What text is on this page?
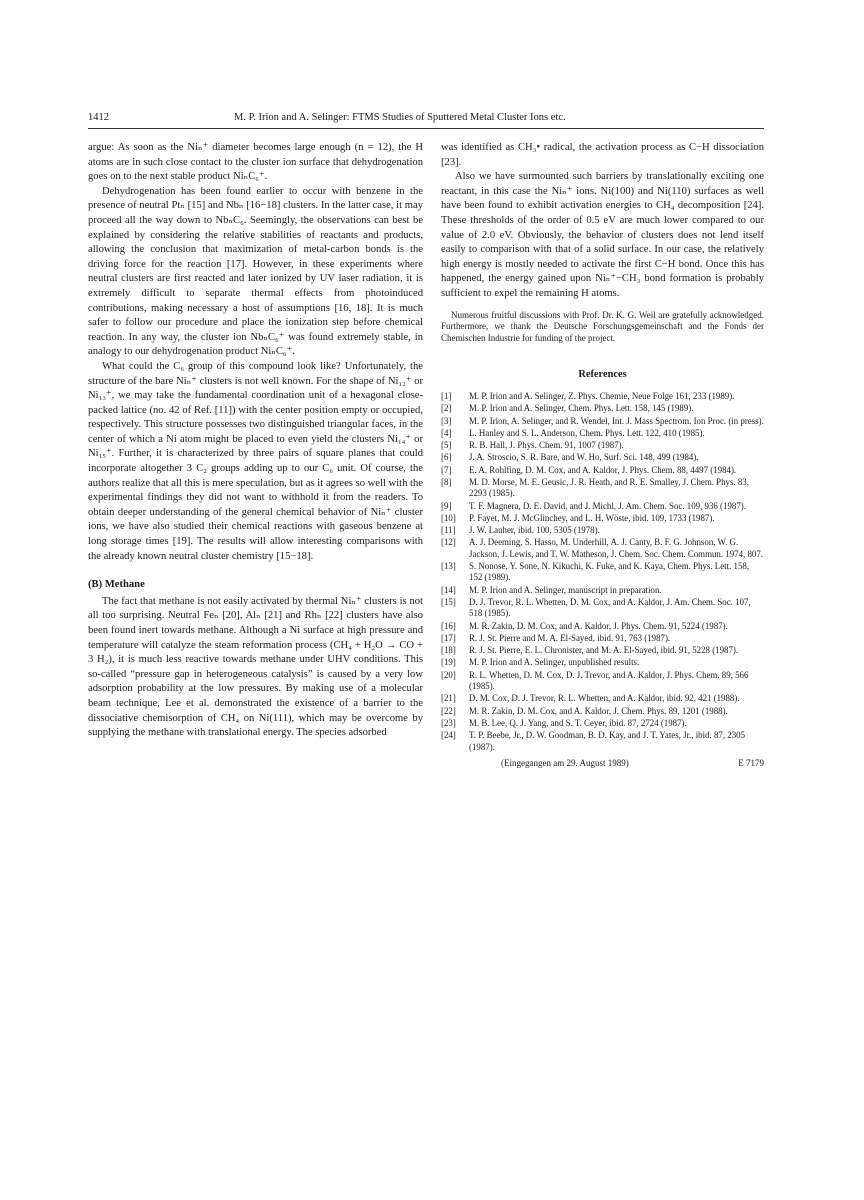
1412	M. P. Irion and A. Selinger: FTMS Studies of Sputtered Metal Cluster Ions etc.

argue: As soon as the Niₙ⁺ diameter becomes large enough (n = 12), the H atoms are in such close contact to the cluster ion surface that dehydrogenation goes on to the next stable product NiₙC₆⁺.

Dehydrogenation has been found earlier to occur with benzene in the presence of neutral Ptₙ [15] and Nbₙ [16−18] clusters. In the latter case, it may proceed all the way down to NbₙC₆. Seemingly, the observations can best be explained by considering the relative stabilities of reactants and products, allowing the conclusion that maximization of metal-carbon bonds is the driving force for the reaction [17]. However, in these experiments where neutral clusters are first reacted and later ionized by UV laser radiation, it is extremely difficult to separate thermal effects from photoinduced contributions, making necessary a host of assumptions [16, 18]. It is much safer to follow our procedure and place the ionization step before chemical reaction. In any way, the cluster ion NbₙC₆⁺ was found extremely stable, in analogy to our dehydrogenation product NiₙC₆⁺.

What could the C₆ group of this compound look like? Unfortunately, the structure of the bare Niₙ⁺ clusters is not well known. For the shape of Ni₁₂⁺ or Ni₁₃⁺, we may take the fundamental coordination unit of a hexagonal close-packed lattice (no. 42 of Ref. [11]) with the center position empty or occupied, respectively. This structure possesses two distinguished triangular faces, in the center of which a Ni atom might be placed to even yield the clusters Ni₁₄⁺ or Ni₁₅⁺. Further, it is characterized by three pairs of square planes that could incorporate altogether 3 C₂ groups adding up to our C₆ unit. Of course, the authors realize that all this is mere speculation, but as it agrees so well with the experimental findings they did not want to withhold it from the readers. To obtain deeper understanding of the general chemical behavior of Niₙ⁺ cluster ions, we have also studied their chemical reactions with gaseous benzene at long storage times [19]. The results will allow interesting comparisons with the already known neutral cluster chemistry [15−18].

(B) Methane

The fact that methane is not easily activated by thermal Niₙ⁺ clusters is not all too surprising. Neutral Feₙ [20], Alₙ [21] and Rhₙ [22] clusters have also been found inert towards methane. Although a Ni surface at high pressure and temperature will catalyze the steam reformation process (CH₄ + H₂O → CO + 3 H₂), it is much less reactive towards methane under UHV conditions. This so-called “pressure gap in heterogeneous catalysis” is caused by a very low adsorption probability at the low pressures. By making use of a molecular beam technique, Lee et al. demonstrated the existence of a barrier to the dissociative chemisorption of CH₄ on Ni(111), which may be overcome by supplying the methane with translational energy. The species adsorbed

was identified as CH₃• radical, the activation process as C−H dissociation [23].

Also we have surmounted such barriers by translationally exciting one reactant, in this case the Niₙ⁺ ions. Ni(100) and Ni(110) surfaces as well have been found to exhibit activation energies to CH₄ decomposition [24]. These thresholds of the order of 0.5 eV are much lower compared to our value of 2.0 eV. Obviously, the behavior of clusters does not lend itself easily to comparison with that of a solid surface. In our case, the relatively high energy is mostly needed to activate the first C−H bond. Once this has happened, the energy gained upon Niₙ⁺−CH₃ bond formation is probably sufficient to expel the remaining H atoms.

Numerous fruitful discussions with Prof. Dr. K. G. Weil are gratefully acknowledged. Furthermore, we thank the Deutsche Forschungsgemeinschaft and the Fonds der Chemischen Industrie for funding of the project.

References
[1]	M. P. Irion and A. Selinger, Z. Phys. Chemie, Neue Folge 161, 233 (1989).
[2]	M. P. Irion and A. Selinger, Chem. Phys. Lett. 158, 145 (1989).
[3]	M. P. Irion, A. Selinger, and R. Wendel, Int. J. Mass Spectrom. Ion Proc. (in press).
[4]	L. Hanley and S. L. Anderson, Chem. Phys. Lett. 122, 410 (1985).
[5]	R. B. Hall, J. Phys. Chem. 91, 1007 (1987).
[6]	J. A. Stroscio, S. R. Bare, and W. Ho, Surf. Sci. 148, 499 (1984).
[7]	E. A. Rohlfing, D. M. Cox, and A. Kaldor, J. Phys. Chem. 88, 4497 (1984).
[8]	M. D. Morse, M. E. Geusic, J. R. Heath, and R. E. Smalley, J. Chem. Phys. 83, 2293 (1985).
[9]	T. F. Magnera, D. E. David, and J. Michl, J. Am. Chem. Soc. 109, 936 (1987).
[10]	P. Fayet, M. J. McGlinchey, and L. H. Wöste, ibid. 109, 1733 (1987).
[11]	J. W. Lauher, ibid. 100, 5305 (1978).
[12]	A. J. Deeming, S. Hasso, M. Underhill, A. J. Canty, B. F. G. Johnson, W. G. Jackson, J. Lewis, and T. W. Matheson, J. Chem. Soc. Chem. Commun. 1974, 807.
[13]	S. Nonose, Y. Sone, N. Kikuchi, K. Fuke, and K. Kaya, Chem. Phys. Lett. 158, 152 (1989).
[14]	M. P. Irion and A. Selinger, manuscript in preparation.
[15]	D. J. Trevor, R. L. Whetten, D. M. Cox, and A. Kaldor, J. Am. Chem. Soc. 107, 518 (1985).
[16]	M. R. Zakin, D. M. Cox, and A. Kaldor, J. Phys. Chem. 91, 5224 (1987).
[17]	R. J. St. Pierre and M. A. El-Sayed, ibid. 91, 763 (1987).
[18]	R. J. St. Pierre, E. L. Chronister, and M. A. El-Sayed, ibid. 91, 5228 (1987).
[19]	M. P. Irion and A. Selinger, unpublished results.
[20]	R. L. Whetten, D. M. Cox, D. J. Trevor, and A. Kaldor, J. Phys. Chem. 89, 566 (1985).
[21]	D. M. Cox, D. J. Trevor, R. L. Whetten, and A. Kaldor, ibid. 92, 421 (1988).
[22]	M. R. Zakin, D. M. Cox, and A. Kaldor, J. Chem. Phys. 89, 1201 (1988).
[23]	M. B. Lee, Q. J. Yang, and S. T. Ceyer, ibid. 87, 2724 (1987).
[24]	T. P. Beebe, Jr., D. W. Goodman, B. D. Kay, and J. T. Yates, Jr., ibid. 87, 2305 (1987).
(Eingegangen am 29. August 1989)	E 7179
